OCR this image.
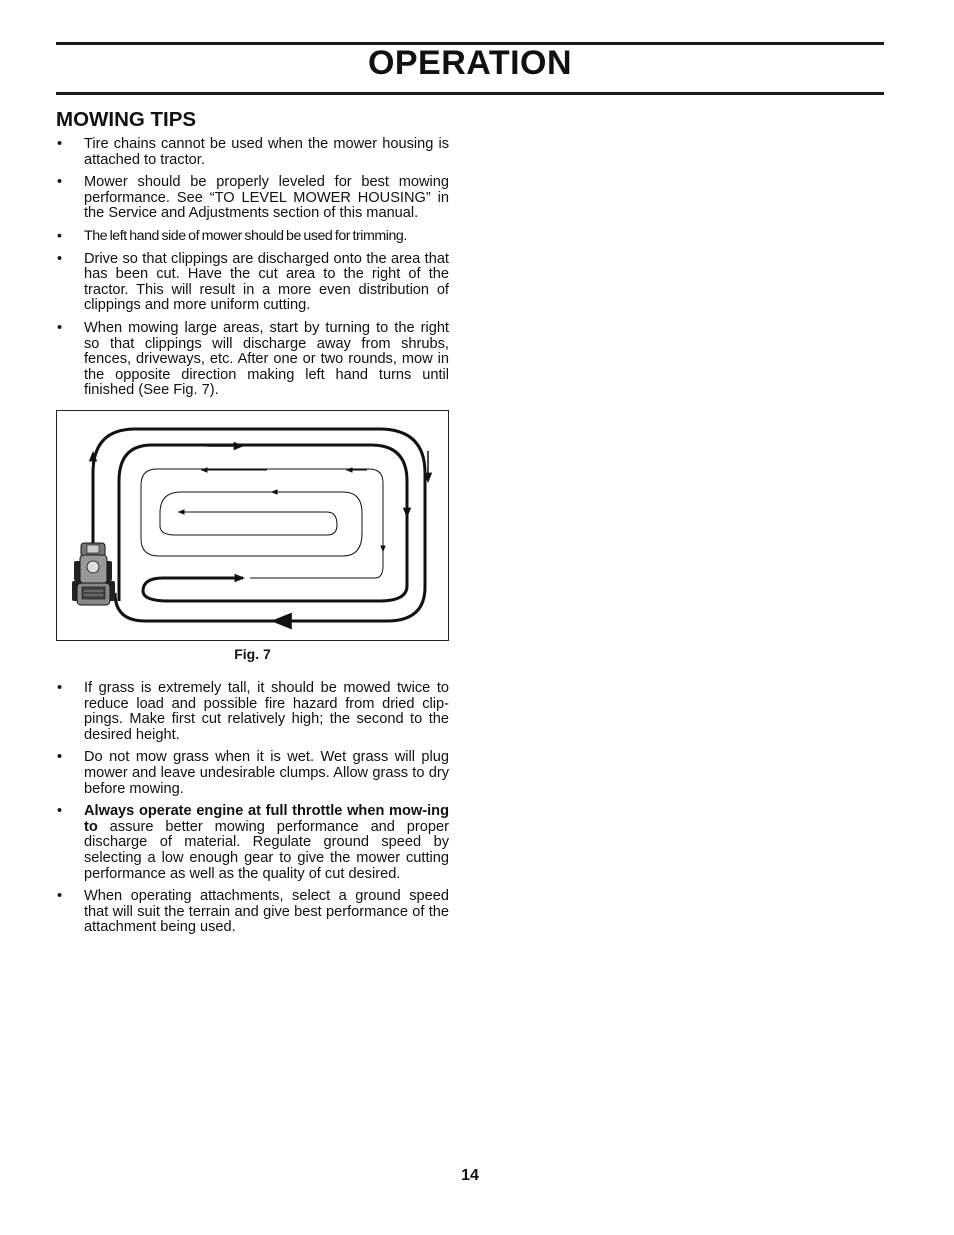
OPERATION
MOWING TIPS
• Tire chains cannot be used when the mower housing is attached to tractor.
• Mower should be properly leveled for best mowing performance. See “TO LEVEL MOWER HOUSING” in the Service and Adjustments section of this manual.
• The left hand side of mower should be used for trimming.
• Drive so that clippings are discharged onto the area that has been cut. Have the cut area to the right of the tractor. This will result in a more even distribution of clippings and more uniform cutting.
• When mowing large areas, start by turning to the right so that clippings will discharge away from shrubs, fences, driveways, etc. After one or two rounds, mow in the opposite direction making left hand turns until finished (See Fig. 7).
Fig. 7
• If grass is extremely tall, it should be mowed twice to reduce load and possible fire hazard from dried clip-pings. Make first cut relatively high; the second to the desired height.
• Do not mow grass when it is wet. Wet grass will plug mower and leave undesirable clumps. Allow grass to dry before mowing.
• Always operate engine at full throttle when mow-ing to assure better mowing performance and proper discharge of material. Regulate ground speed by selecting a low enough gear to give the mower cutting performance as well as the quality of cut desired.
• When operating attachments, select a ground speed that will suit the terrain and give best performance of the attachment being used.
14
